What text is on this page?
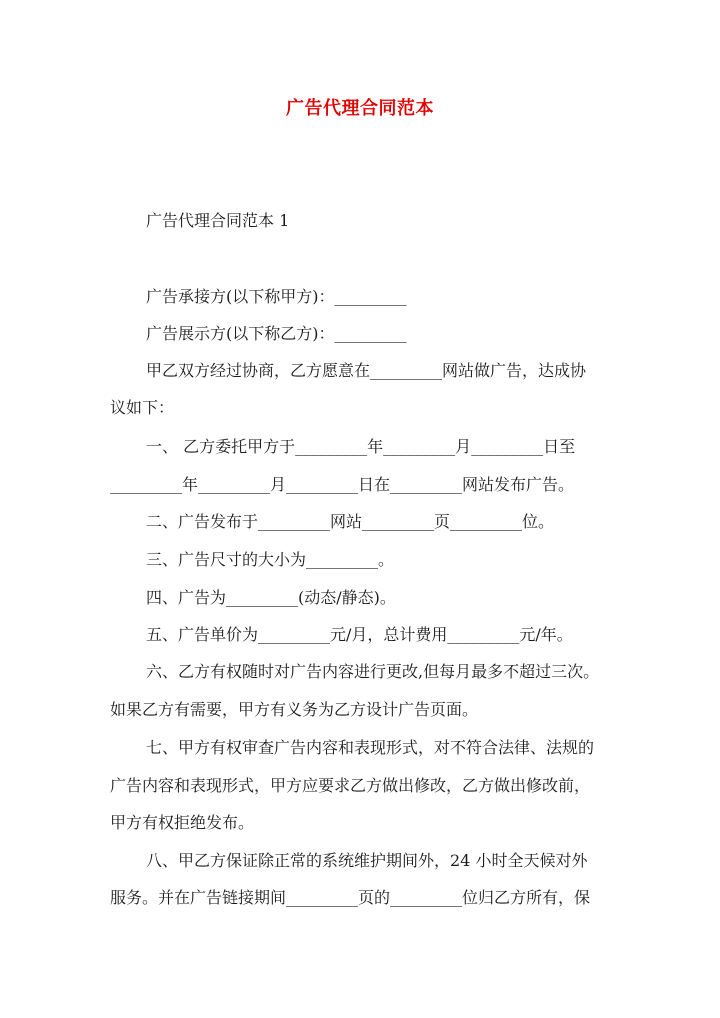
广告代理合同范本
广告代理合同范本 1
广告承接方(以下称甲方)：_________
广告展示方(以下称乙方)：_________
甲乙双方经过协商，乙方愿意在_________网站做广告，达成协
议如下：
一、 乙方委托甲方于_________年_________月_________日至
_________年_________月_________日在_________网站发布广告。
二、广告发布于_________网站_________页_________位。
三、广告尺寸的大小为_________。
四、广告为_________(动态/静态)。
五、广告单价为_________元/月，总计费用_________元/年。
六、乙方有权随时对广告内容进行更改,但每月最多不超过三次。
如果乙方有需要，甲方有义务为乙方设计广告页面。
七、甲方有权审查广告内容和表现形式，对不符合法律、法规的
广告内容和表现形式，甲方应要求乙方做出修改，乙方做出修改前，
甲方有权拒绝发布。
八、甲乙方保证除正常的系统维护期间外，24 小时全天候对外
服务。并在广告链接期间_________页的_________位归乙方所有，保
